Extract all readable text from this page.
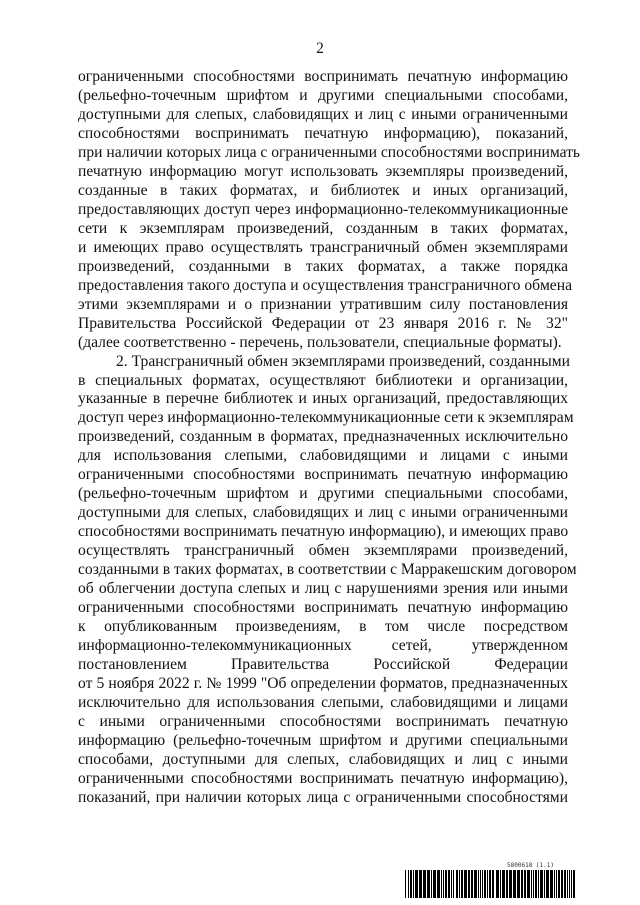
2
ограниченными способностями воспринимать печатную информацию
(рельефно-точечным шрифтом и другими специальными способами,
доступными для слепых, слабовидящих и лиц с иными ограниченными
способностями воспринимать печатную информацию), показаний,
при наличии которых лица с ограниченными способностями воспринимать
печатную информацию могут использовать экземпляры произведений,
созданные в таких форматах, и библиотек и иных организаций,
предоставляющих доступ через информационно-телекоммуникационные
сети к экземплярам произведений, созданным в таких форматах,
и имеющих право осуществлять трансграничный обмен экземплярами
произведений, созданными в таких форматах, а также порядка
предоставления такого доступа и осуществления трансграничного обмена
этими экземплярами и о признании утратившим силу постановления
Правительства Российской Федерации от 23 января 2016 г. № 32"
(далее соответственно - перечень, пользователи, специальные форматы).
2. Трансграничный обмен экземплярами произведений, созданными
в специальных форматах, осуществляют библиотеки и организации,
указанные в перечне библиотек и иных организаций, предоставляющих
доступ через информационно-телекоммуникационные сети к экземплярам
произведений, созданным в форматах, предназначенных исключительно
для использования слепыми, слабовидящими и лицами с иными
ограниченными способностями воспринимать печатную информацию
(рельефно-точечным шрифтом и другими специальными способами,
доступными для слепых, слабовидящих и лиц с иными ограниченными
способностями воспринимать печатную информацию), и имеющих право
осуществлять трансграничный обмен экземплярами произведений,
созданными в таких форматах, в соответствии с Марракешским договором
об облегчении доступа слепых и лиц с нарушениями зрения или иными
ограниченными способностями воспринимать печатную информацию
к опубликованным произведениям, в том числе посредством
информационно-телекоммуникационных сетей, утвержденном
постановлением Правительства Российской Федерации
от 5 ноября 2022 г. № 1999 "Об определении форматов, предназначенных
исключительно для использования слепыми, слабовидящими и лицами
с иными ограниченными способностями воспринимать печатную
информацию (рельефно-точечным шрифтом и другими специальными
способами, доступными для слепых, слабовидящих и лиц с иными
ограниченными способностями воспринимать печатную информацию),
показаний, при наличии которых лица с ограниченными способностями
5800618 (1.1)
